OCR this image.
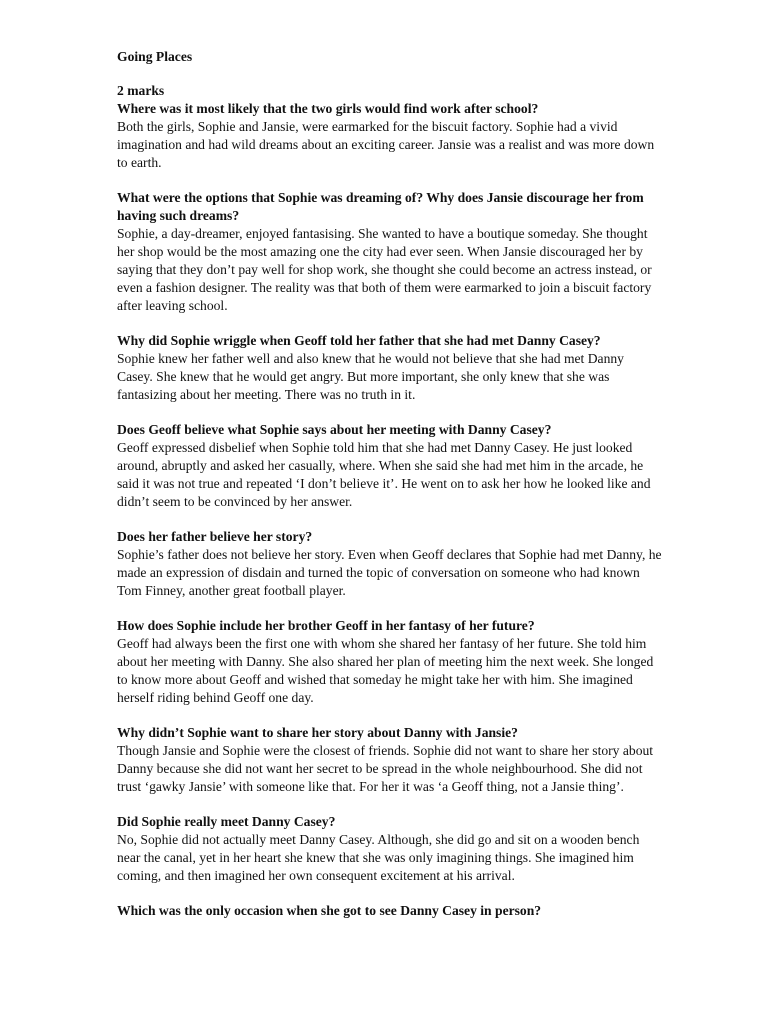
Going Places

2 marks

Where was it most likely that the two girls would find work after school?

Both the girls, Sophie and Jansie, were earmarked for the biscuit factory. Sophie had a vivid imagination and had wild dreams about an exciting career. Jansie was a realist and was more down to earth.

What were the options that Sophie was dreaming of? Why does Jansie discourage her from having such dreams?

Sophie, a day-dreamer, enjoyed fantasising. She wanted to have a boutique someday. She thought her shop would be the most amazing one the city had ever seen. When Jansie discouraged her by saying that they don’t pay well for shop work, she thought she could become an actress instead, or even a fashion designer. The reality was that both of them were earmarked to join a biscuit factory after leaving school.

Why did Sophie wriggle when Geoff told her father that she had met Danny Casey?

Sophie knew her father well and also knew that he would not believe that she had met Danny Casey. She knew that he would get angry. But more important, she only knew that she was fantasizing about her meeting. There was no truth in it.

Does Geoff believe what Sophie says about her meeting with Danny Casey?

Geoff expressed disbelief when Sophie told him that she had met Danny Casey. He just looked around, abruptly and asked her casually, where. When she said she had met him in the arcade, he said it was not true and repeated ‘I don’t believe it’. He went on to ask her how he looked like and didn’t seem to be convinced by her answer.

Does her father believe her story?

Sophie’s father does not believe her story. Even when Geoff declares that Sophie had met Danny, he made an expression of disdain and turned the topic of conversation on someone who had known Tom Finney, another great football player.

How does Sophie include her brother Geoff in her fantasy of her future?

Geoff had always been the first one with whom she shared her fantasy of her future. She told him about her meeting with Danny. She also shared her plan of meeting him the next week. She longed to know more about Geoff and wished that someday he might take her with him. She imagined herself riding behind Geoff one day.

Why didn’t Sophie want to share her story about Danny with Jansie?

Though Jansie and Sophie were the closest of friends. Sophie did not want to share her story about Danny because she did not want her secret to be spread in the whole neighbourhood. She did not trust ‘gawky Jansie’ with someone like that. For her it was ‘a Geoff thing, not a Jansie thing’.

Did Sophie really meet Danny Casey?

No, Sophie did not actually meet Danny Casey. Although, she did go and sit on a wooden bench near the canal, yet in her heart she knew that she was only imagining things. She imagined him coming, and then imagined her own consequent excitement at his arrival.

Which was the only occasion when she got to see Danny Casey in person?
